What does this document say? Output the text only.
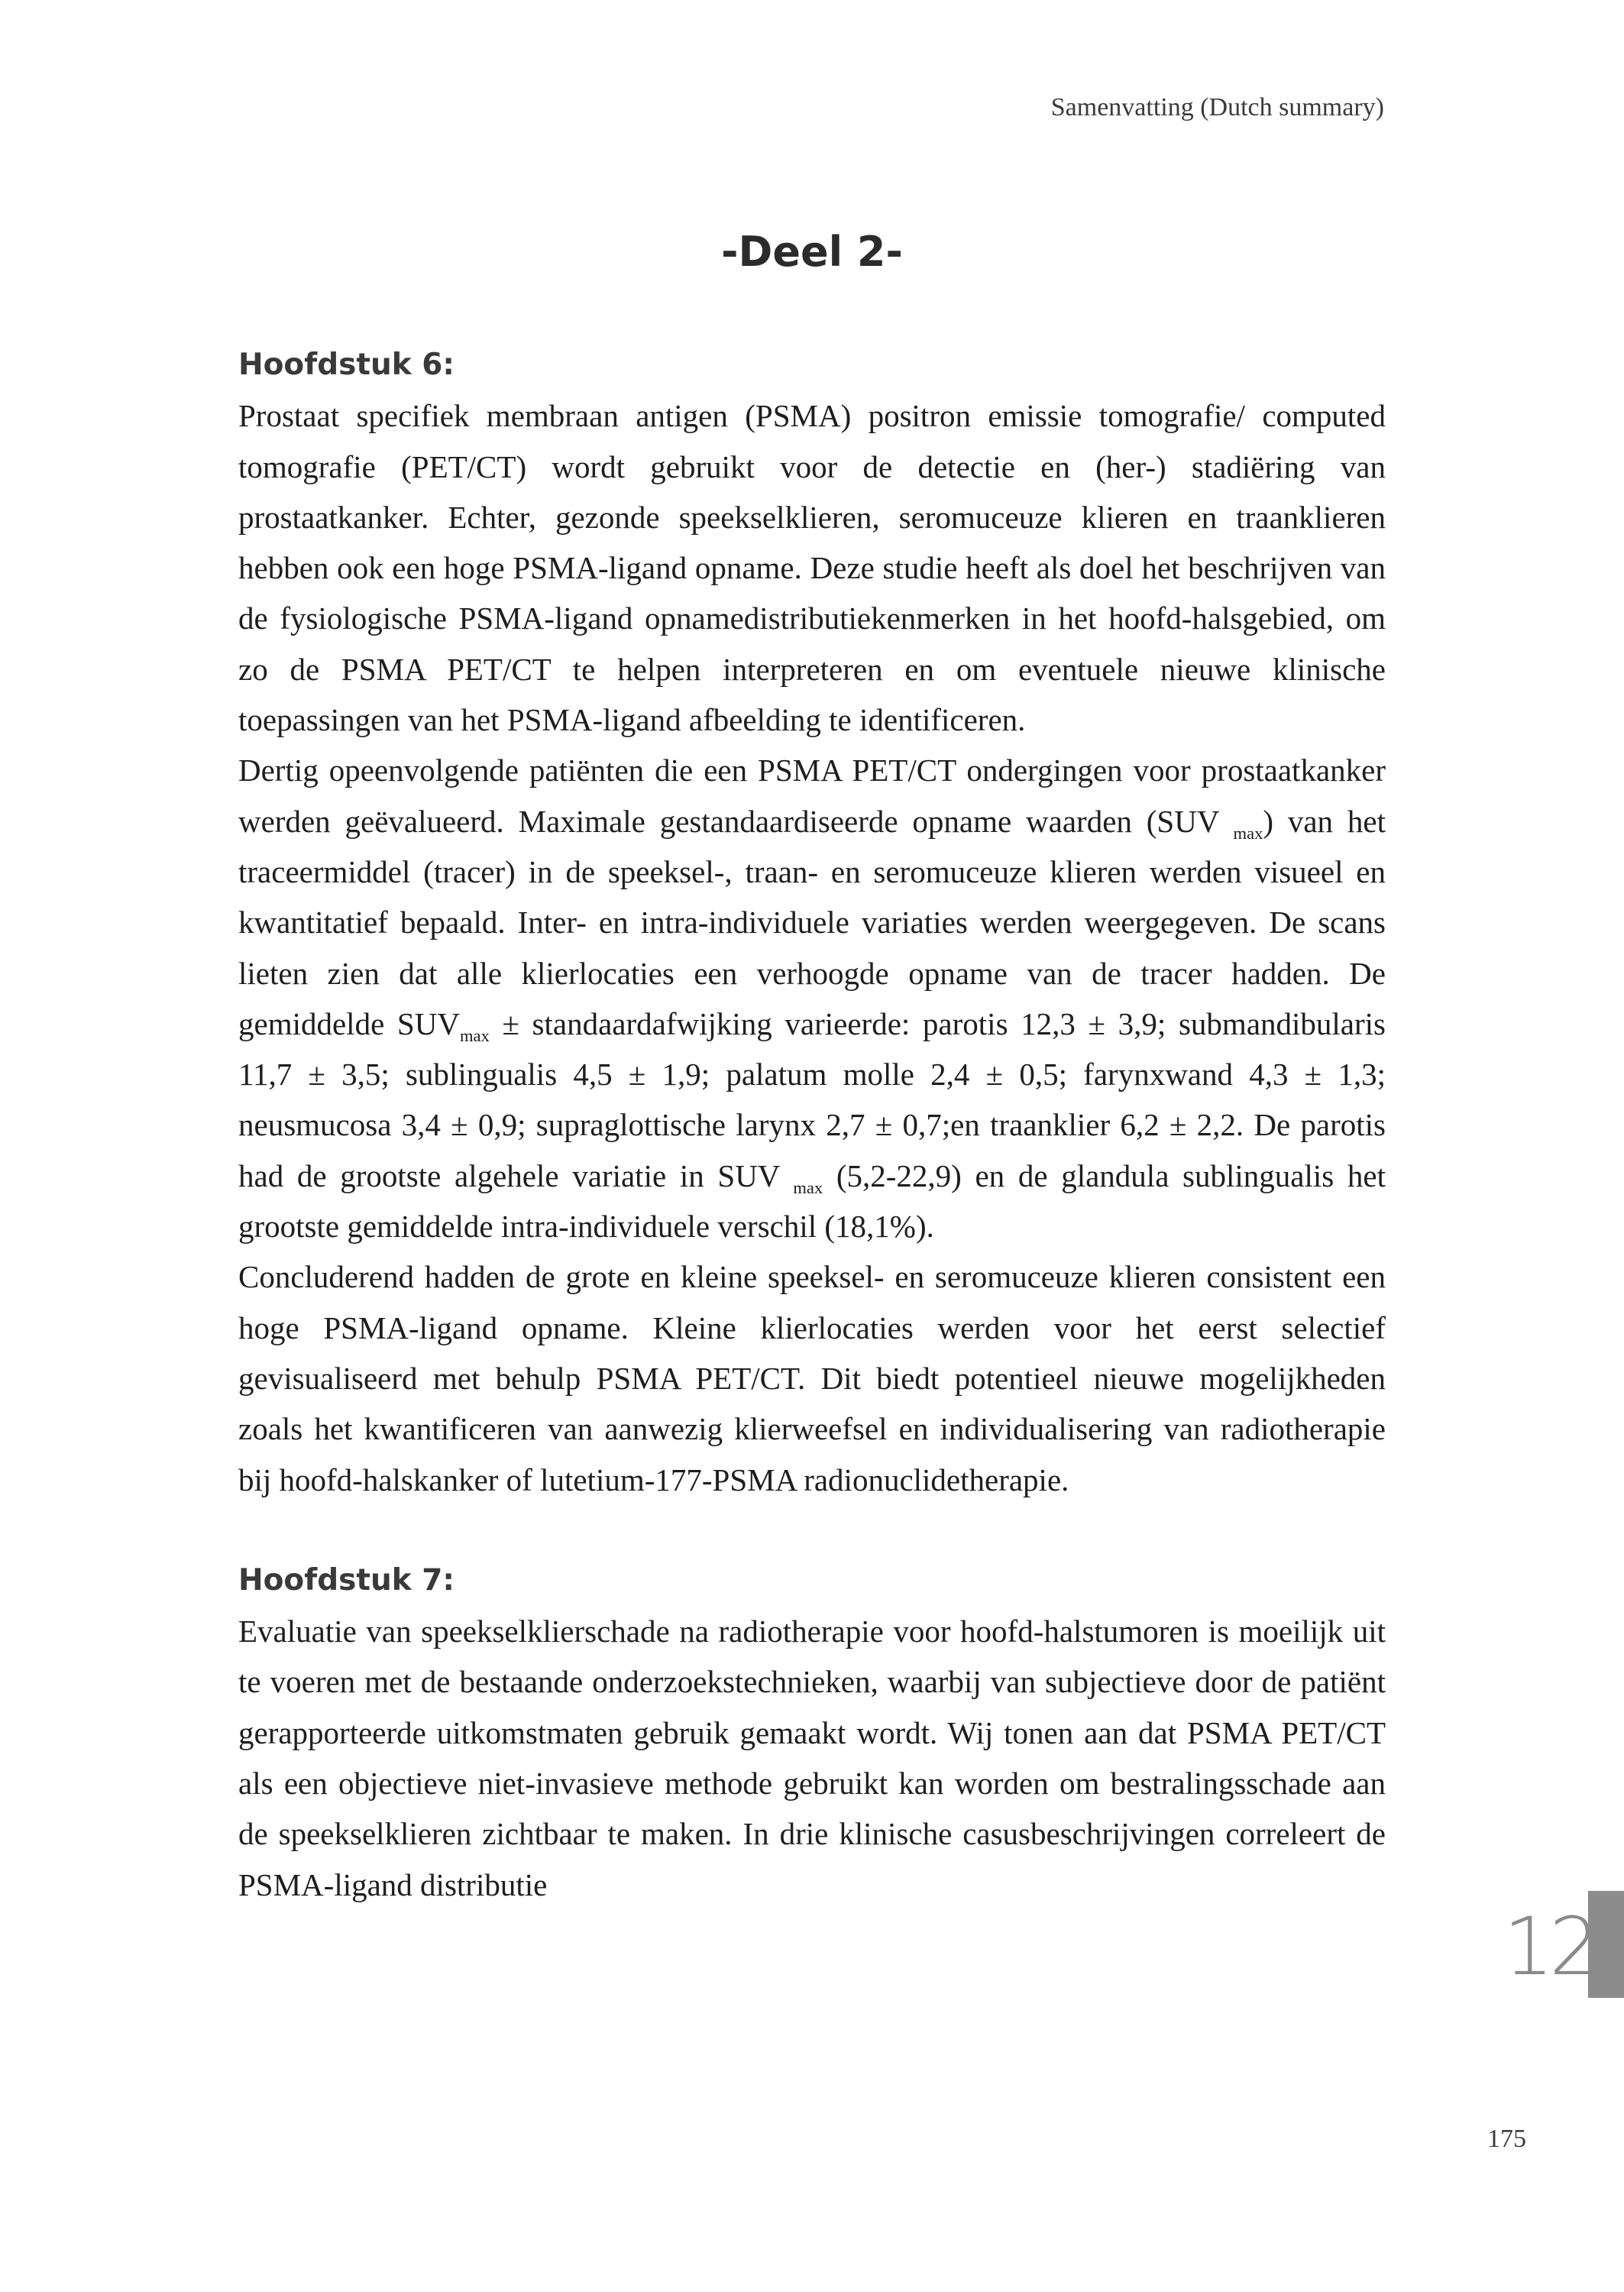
Samenvatting (Dutch summary)
-Deel 2-
Hoofdstuk 6:

Prostaat specifiek membraan antigen (PSMA) positron emissie tomografie/ computed tomografie (PET/CT) wordt gebruikt voor de detectie en (her-) stadiëring van prostaatkanker. Echter, gezonde speekselklieren, seromuceuze klieren en traanklieren hebben ook een hoge PSMA-ligand opname. Deze studie heeft als doel het beschrijven van de fysiologische PSMA-ligand opnamedistributiekenmerken in het hoofd-halsgebied, om zo de PSMA PET/CT te helpen interpreteren en om eventuele nieuwe klinische toepassingen van het PSMA-ligand afbeelding te identificeren.

Dertig opeenvolgende patiënten die een PSMA PET/CT ondergingen voor prostaatkanker werden geëvalueerd. Maximale gestandaardiseerde opname waarden (SUV $_{max}$) van het traceermiddel (tracer) in de speeksel-, traan- en seromuceuze klieren werden visueel en kwantitatief bepaald. Inter- en intra-individuele variaties werden weergegeven. De scans lieten zien dat alle klierlocaties een verhoogde opname van de tracer hadden. De gemiddelde $SUV_{max}$ ± standaardafwijking varieerde: parotis 12,3 ± 3,9; submandibularis 11,7 ± 3,5; sublingualis 4,5 ± 1,9; palatum molle 2,4 ± 0,5; farynxwand 4,3 ± 1,3; neusmucosa 3,4 ± 0,9; supraglottische larynx 2,7 ± 0,7;en traanklier 6,2 ± 2,2. De parotis had de grootste algehele variatie in SUV $_{max}$ (5,2-22,9) en de glandula sublingualis het grootste gemiddelde intra-individuele verschil (18,1%).

Concluderend hadden de grote en kleine speeksel- en seromuceuze klieren consistent een hoge PSMA-ligand opname. Kleine klierlocaties werden voor het eerst selectief gevisualiseerd met behulp PSMA PET/CT. Dit biedt potentieel nieuwe mogelijkheden zoals het kwantificeren van aanwezig klierweefsel en individualisering van radiotherapie bij hoofd-halskanker of lutetium-177-PSMA radionuclidetherapie.

Hoofdstuk 7:

Evaluatie van speekselklierschade na radiotherapie voor hoofd-halstumoren is moeilijk uit te voeren met de bestaande onderzoekstechnieken, waarbij van subjectieve door de patiënt gerapporteerde uitkomstmaten gebruik gemaakt wordt. Wij tonen aan dat PSMA PET/CT als een objectieve niet-invasieve methode gebruikt kan worden om bestralingsschade aan de speekselklieren zichtbaar te maken. In drie klinische casusbeschrijvingen correleert de PSMA-ligand distributie

12
175
